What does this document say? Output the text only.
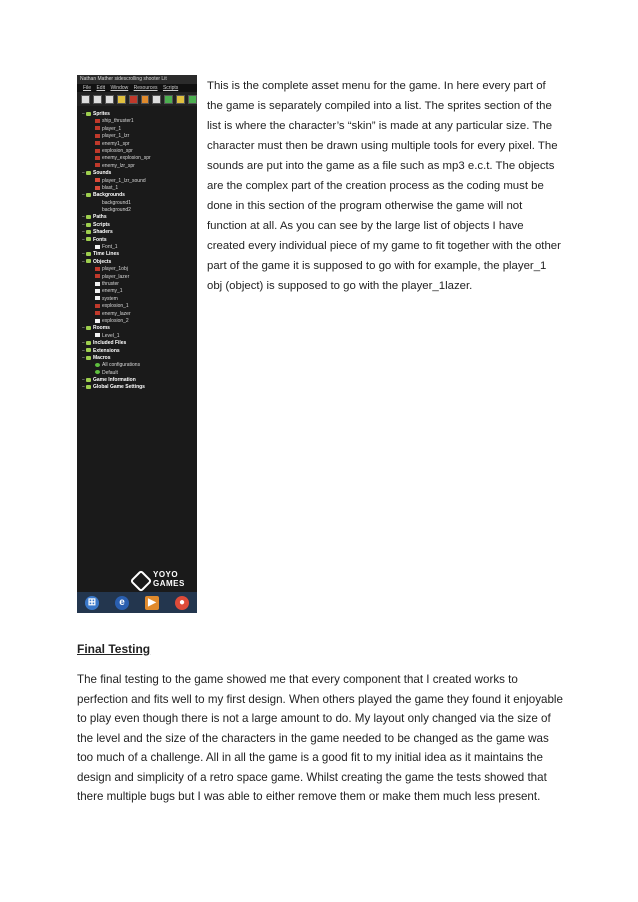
Nathan Mather sidescrolling shooter Lit
File Edit Window Resources Scripts
− Sprites
ship_thruster1
player_1
player_1_lzr
enemy1_spr
explosion_spr
enemy_explosion_spr
enemy_lzr_spr
− Sounds
player_1_lzr_sound
blast_1
− Backgrounds
background1
background2
− Paths
− Scripts
− Shaders
− Fonts
Font_1
− Time Lines
− Objects
player_1obj
player_lazer
thruster
enemy_1
system
explosion_1
enemy_lazer
explosion_2
− Rooms
Level_1
− Included Files
− Extensions
− Macros
All configurations
Default
− Game Information
− Global Game Settings
YOYO
GAMES
⊞	e	▶	●
This is the complete asset menu for the game. In here every part of the game is separately compiled into a list. The sprites section of the list is where the character’s “skin” is made at any particular size. The character must then be drawn using multiple tools for every pixel. The sounds are put into the game as a file such as mp3 e.c.t. The objects are the complex part of the creation process as the coding must be done in this section of the program otherwise the game will not function at all. As you can see by the large list of objects I have created every individual piece of my game to fit together with the other part of the game it is supposed to go with for example, the player_1 obj (object) is supposed to go with the player_1lazer.
Final Testing
The final testing to the game showed me that every component that I created works to perfection and fits well to my first design. When others played the game they found it enjoyable to play even though there is not a large amount to do. My layout only changed via the size of the level and the size of the characters in the game needed to be changed as the game was too much of a challenge. All in all the game is a good fit to my initial idea as it maintains the design and simplicity of a retro space game. Whilst creating the game the tests showed that there multiple bugs but I was able to either remove them or make them much less present.
